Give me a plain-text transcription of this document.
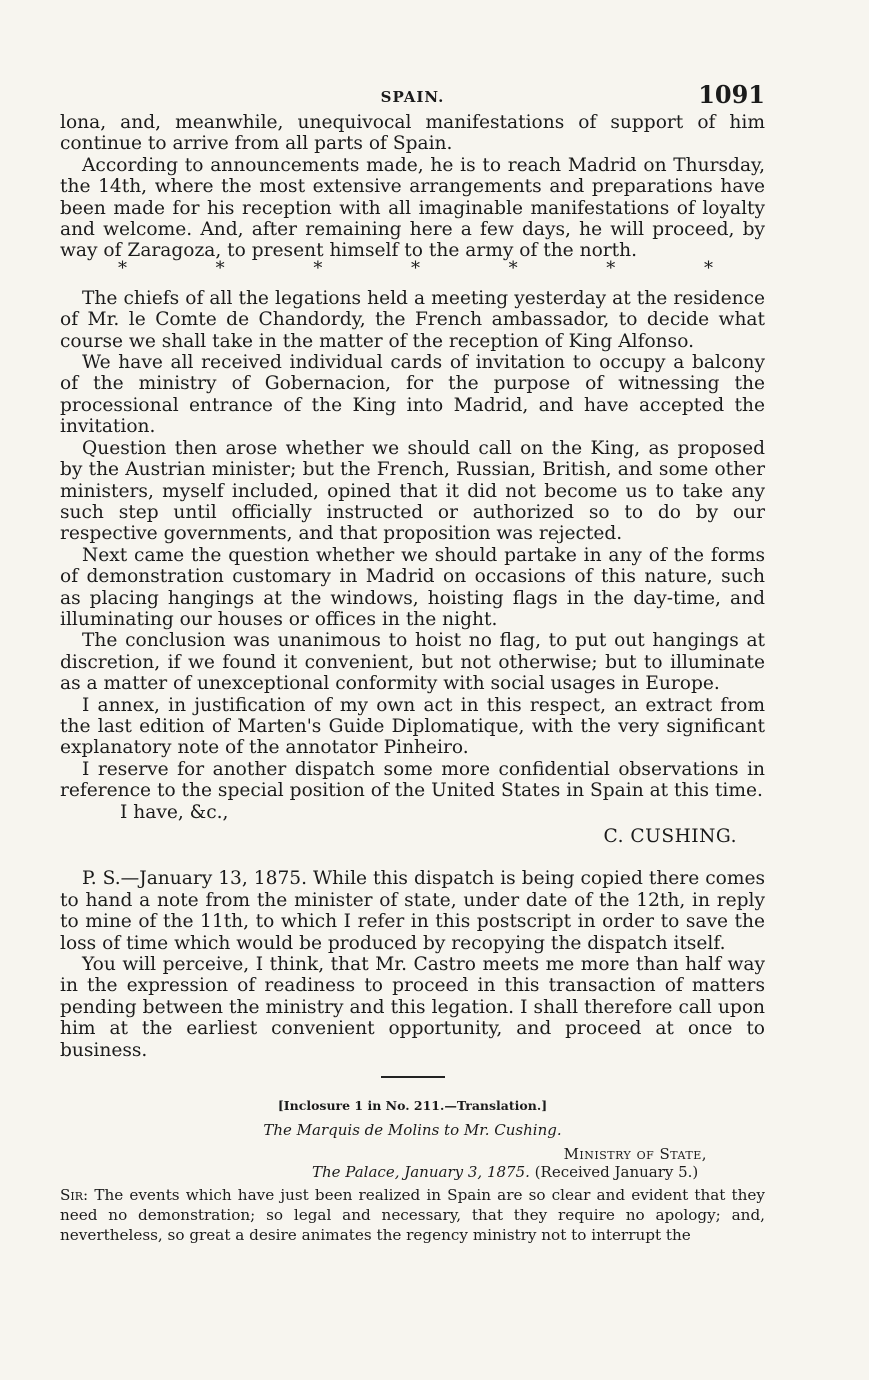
SPAIN.	1091

lona, and, meanwhile, unequivocal manifestations of support of him continue to arrive from all parts of Spain.

According to announcements made, he is to reach Madrid on Thursday, the 14th, where the most extensive arrangements and preparations have been made for his reception with all imaginable manifestations of loyalty and welcome. And, after remaining here a few days, he will proceed, by way of Zaragoza, to present himself to the army of the north.

*	*	*	*	*	*	*

The chiefs of all the legations held a meeting yesterday at the residence of Mr. le Comte de Chandordy, the French ambassador, to decide what course we shall take in the matter of the reception of King Alfonso.

We have all received individual cards of invitation to occupy a balcony of the ministry of Gobernacion, for the purpose of witnessing the processional entrance of the King into Madrid, and have accepted the invitation.

Question then arose whether we should call on the King, as proposed by the Austrian minister; but the French, Russian, British, and some other ministers, myself included, opined that it did not become us to take any such step until officially instructed or authorized so to do by our respective governments, and that proposition was rejected.

Next came the question whether we should partake in any of the forms of demonstration customary in Madrid on occasions of this nature, such as placing hangings at the windows, hoisting flags in the day-time, and illuminating our houses or offices in the night.

The conclusion was unanimous to hoist no flag, to put out hangings at discretion, if we found it convenient, but not otherwise; but to illuminate as a matter of unexceptional conformity with social usages in Europe.

I annex, in justification of my own act in this respect, an extract from the last edition of Marten's Guide Diplomatique, with the very significant explanatory note of the annotator Pinheiro.

I reserve for another dispatch some more confidential observations in reference to the special position of the United States in Spain at this time.

I have, &c.,

C. CUSHING.

P. S.—January 13, 1875. While this dispatch is being copied there comes to hand a note from the minister of state, under date of the 12th, in reply to mine of the 11th, to which I refer in this postscript in order to save the loss of time which would be produced by recopying the dispatch itself.

You will perceive, I think, that Mr. Castro meets me more than half way in the expression of readiness to proceed in this transaction of matters pending between the ministry and this legation. I shall therefore call upon him at the earliest convenient opportunity, and proceed at once to business.

[Inclosure 1 in No. 211.—Translation.]

The Marquis de Molins to Mr. Cushing.

Ministry of State,
The Palace, January 3, 1875. (Received January 5.)

Sir: The events which have just been realized in Spain are so clear and evident that they need no demonstration; so legal and necessary, that they require no apology; and, nevertheless, so great a desire animates the regency ministry not to interrupt the
